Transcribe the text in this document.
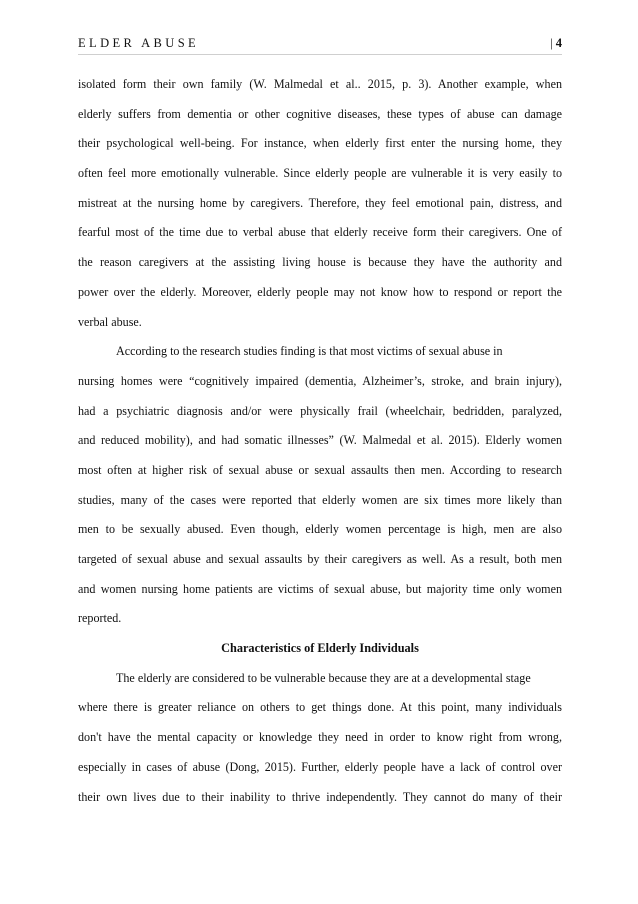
ELDER ABUSE	| 4
isolated form their own family (W. Malmedal et al.. 2015, p. 3). Another example, when
elderly suffers from dementia or other cognitive diseases, these types of abuse can damage
their psychological well-being. For instance, when elderly first enter the nursing home, they
often feel more emotionally vulnerable. Since elderly people are vulnerable it is very easily to
mistreat at the nursing home by caregivers. Therefore, they feel emotional pain, distress, and
fearful most of the time due to verbal abuse that elderly receive form their caregivers. One of
the reason caregivers at the assisting living house is because they have the authority and
power over the elderly. Moreover, elderly people may not know how to respond or report the
verbal abuse.
According to the research studies finding is that most victims of sexual abuse in
nursing homes were “cognitively impaired (dementia, Alzheimer’s, stroke, and brain injury),
had a psychiatric diagnosis and/or were physically frail (wheelchair, bedridden, paralyzed,
and reduced mobility), and had somatic illnesses” (W. Malmedal et al. 2015). Elderly women
most often at higher risk of sexual abuse or sexual assaults then men. According to research
studies, many of the cases were reported that elderly women are six times more likely than
men to be sexually abused. Even though, elderly women percentage is high, men are also
targeted of sexual abuse and sexual assaults by their caregivers as well. As a result, both men
and women nursing home patients are victims of sexual abuse, but majority time only women
reported.
Characteristics of Elderly Individuals
The elderly are considered to be vulnerable because they are at a developmental stage
where there is greater reliance on others to get things done. At this point, many individuals
don't have the mental capacity or knowledge they need in order to know right from wrong,
especially in cases of abuse (Dong, 2015). Further, elderly people have a lack of control over
their own lives due to their inability to thrive independently. They cannot do many of their
